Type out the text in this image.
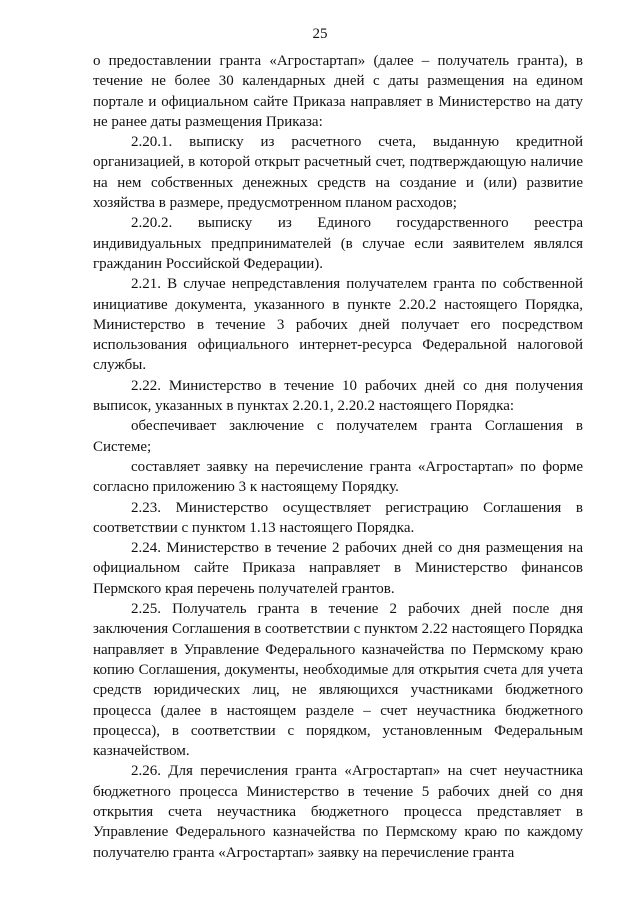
25

о предоставлении гранта «Агростартап» (далее – получатель гранта), в течение не более 30 календарных дней с даты размещения на едином портале и официальном сайте Приказа направляет в Министерство на дату не ранее даты размещения Приказа:

2.20.1. выписку из расчетного счета, выданную кредитной организацией, в которой открыт расчетный счет, подтверждающую наличие на нем собственных денежных средств на создание и (или) развитие хозяйства в размере, предусмотренном планом расходов;

2.20.2. выписку из Единого государственного реестра индивидуальных предпринимателей (в случае если заявителем являлся гражданин Российской Федерации).

2.21. В случае непредставления получателем гранта по собственной инициативе документа, указанного в пункте 2.20.2 настоящего Порядка, Министерство в течение 3 рабочих дней получает его посредством использования официального интернет-ресурса Федеральной налоговой службы.

2.22. Министерство в течение 10 рабочих дней со дня получения выписок, указанных в пунктах 2.20.1, 2.20.2 настоящего Порядка:

обеспечивает заключение с получателем гранта Соглашения в Системе;

составляет заявку на перечисление гранта «Агростартап» по форме согласно приложению 3 к настоящему Порядку.

2.23. Министерство осуществляет регистрацию Соглашения в соответствии с пунктом 1.13 настоящего Порядка.

2.24. Министерство в течение 2 рабочих дней со дня размещения на официальном сайте Приказа направляет в Министерство финансов Пермского края перечень получателей грантов.

2.25. Получатель гранта в течение 2 рабочих дней после дня заключения Соглашения в соответствии с пунктом 2.22 настоящего Порядка направляет в Управление Федерального казначейства по Пермскому краю копию Соглашения, документы, необходимые для открытия счета для учета средств юридических лиц, не являющихся участниками бюджетного процесса (далее в настоящем разделе – счет неучастника бюджетного процесса), в соответствии с порядком, установленным Федеральным казначейством.

2.26. Для перечисления гранта «Агростартап» на счет неучастника бюджетного процесса Министерство в течение 5 рабочих дней со дня открытия счета неучастника бюджетного процесса представляет в Управление Федерального казначейства по Пермскому краю по каждому получателю гранта «Агростартап» заявку на перечисление гранта
